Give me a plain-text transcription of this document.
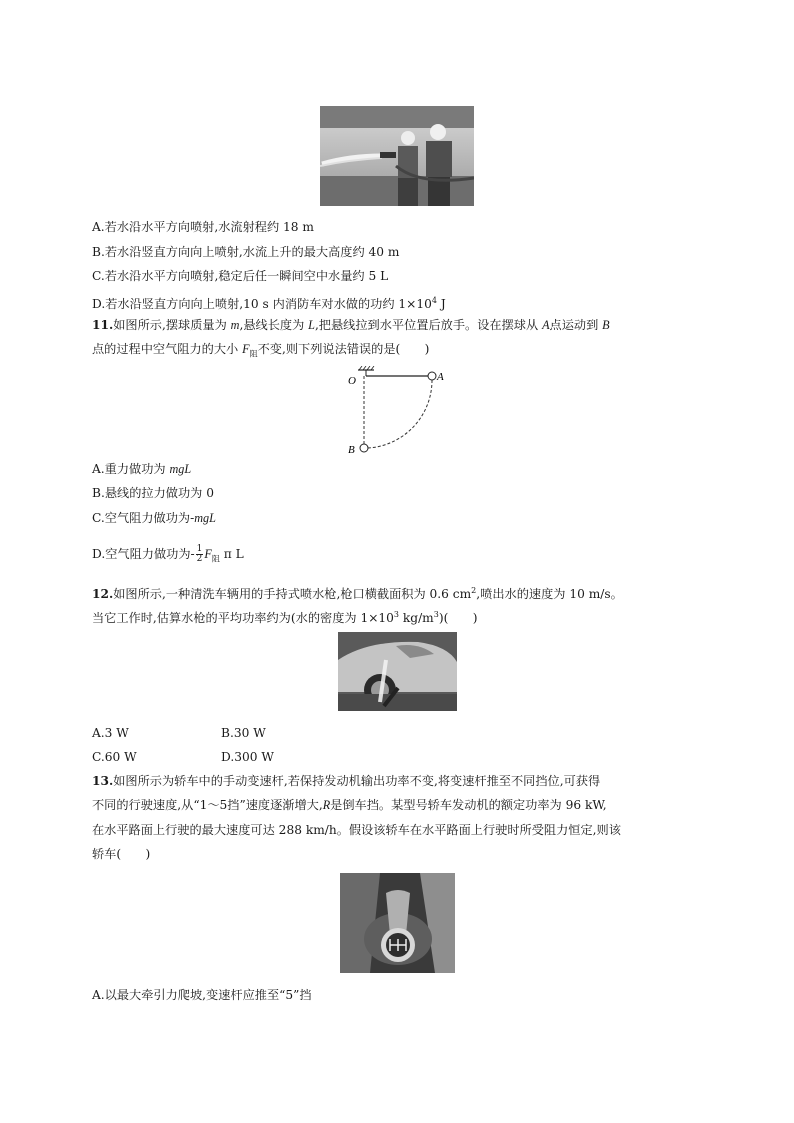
A.若水沿水平方向喷射,水流射程约 18 m
B.若水沿竖直方向向上喷射,水流上升的最大高度约 40 m
C.若水沿水平方向喷射,稳定后任一瞬间空中水量约 5 L
D.若水沿竖直方向向上喷射,10 s 内消防车对水做的功约 $1\times 10^4$ J
11.如图所示,摆球质量为 m,悬线长度为 L,把悬线拉到水平位置后放手。设在摆球从 A点运动到 B
点的过程中空气阻力的大小 $F_阻$不变,则下列说法错误的是(　　)
O	A
B
A.重力做功为 mgL
B.悬线的拉力做功为 0
C.空气阻力做功为-mgL
D.空气阻力做功为- $\frac{1}{2} F_阻$ π L
12.如图所示,一种清洗车辆用的手持式喷水枪,枪口横截面积为 0.6 $cm^2$,喷出水的速度为 10 m/s。
当它工作时,估算水枪的平均功率约为(水的密度为 $1\times 10^3$ $kg/m^3$)(　　)
A.3 W	B.30 W
C.60 W	D.300 W
13.如图所示为轿车中的手动变速杆,若保持发动机输出功率不变,将变速杆推至不同挡位,可获得
不同的行驶速度,从“1～5挡”速度逐渐增大,R是倒车挡。某型号轿车发动机的额定功率为 96 kW,
在水平路面上行驶的最大速度可达 288 km/h。假设该轿车在水平路面上行驶时所受阻力恒定,则该
轿车(　　)
A.以最大牵引力爬坡,变速杆应推至“5”挡
